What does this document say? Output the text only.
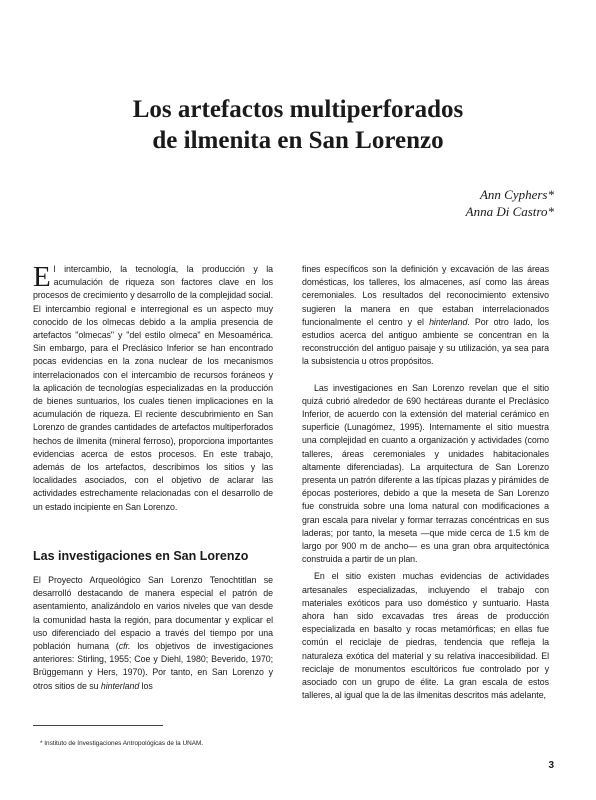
Los artefactos multiperforados
de ilmenita en San Lorenzo
Ann Cyphers*
Anna Di Castro*

El intercambio, la tecnología, la producción y la acumulación de riqueza son factores clave en los procesos de crecimiento y desarrollo de la complejidad social. El intercambio regional e interregional es un aspecto muy conocido de los olmecas debido a la amplia presencia de artefactos "olmecas" y "del estilo olmeca" en Mesoamérica. Sin embargo, para el Preclásico Inferior se han encontrado pocas evidencias en la zona nuclear de los mecanismos interrelacionados con el intercambio de recursos foráneos y la aplicación de tecnologías especializadas en la producción de bienes suntuarios, los cuales tienen implicaciones en la acumulación de riqueza. El reciente descubrimiento en San Lorenzo de grandes cantidades de artefactos multiperforados hechos de ilmenita (mineral ferroso), proporciona importantes evidencias acerca de estos procesos. En este trabajo, además de los artefactos, describimos los sitios y las localidades asociados, con el objetivo de aclarar las actividades estrechamente relacionadas con el desarrollo de un estado incipiente en San Lorenzo.

Las investigaciones en San Lorenzo

El Proyecto Arqueológico San Lorenzo Tenochtitlan se desarrolló destacando de manera especial el patrón de asentamiento, analizándolo en varios niveles que van desde la comunidad hasta la región, para documentar y explicar el uso diferenciado del espacio a través del tiempo por una población humana (cfr. los objetivos de investigaciones anteriores: Stirling, 1955; Coe y Diehl, 1980; Beverido, 1970; Brüggemann y Hers, 1970). Por tanto, en San Lorenzo y otros sitios de su hinterland los

fines específicos son la definición y excavación de las áreas domésticas, los talleres, los almacenes, así como las áreas ceremoniales. Los resultados del reconocimiento extensivo sugieren la manera en que estaban interrelacionados funcionalmente el centro y el hinterland. Por otro lado, los estudios acerca del antiguo ambiente se concentran en la reconstrucción del antiguo paisaje y su utilización, ya sea para la subsistencia u otros propósitos.

Las investigaciones en San Lorenzo revelan que el sitio quizá cubrió alrededor de 690 hectáreas durante el Preclásico Inferior, de acuerdo con la extensión del material cerámico en superficie (Lunagómez, 1995). Internamente el sitio muestra una complejidad en cuanto a organización y actividades (como talleres, áreas ceremoniales y unidades habitacionales altamente diferenciadas). La arquitectura de San Lorenzo presenta un patrón diferente a las típicas plazas y pirámides de épocas posteriores, debido a que la meseta de San Lorenzo fue construida sobre una loma natural con modificaciones a gran escala para nivelar y formar terrazas concéntricas en sus laderas; por tanto, la meseta —que mide cerca de 1.5 km de largo por 900 m de ancho— es una gran obra arquitectónica construida a partir de un plan.

En el sitio existen muchas evidencias de actividades artesanales especializadas, incluyendo el trabajo con materiales exóticos para uso doméstico y suntuario. Hasta ahora han sido excavadas tres áreas de producción especializada en basalto y rocas metamórficas; en ellas fue común el reciclaje de piedras, tendencia que refleja la naturaleza exótica del material y su relativa inaccesibilidad. El reciclaje de monumentos escultóricos fue controlado por y asociado con un grupo de élite. La gran escala de estos talleres, al igual que la de las ilmenitas descritos más adelante,

* Instituto de Investigaciones Antropológicas de la UNAM.
3
